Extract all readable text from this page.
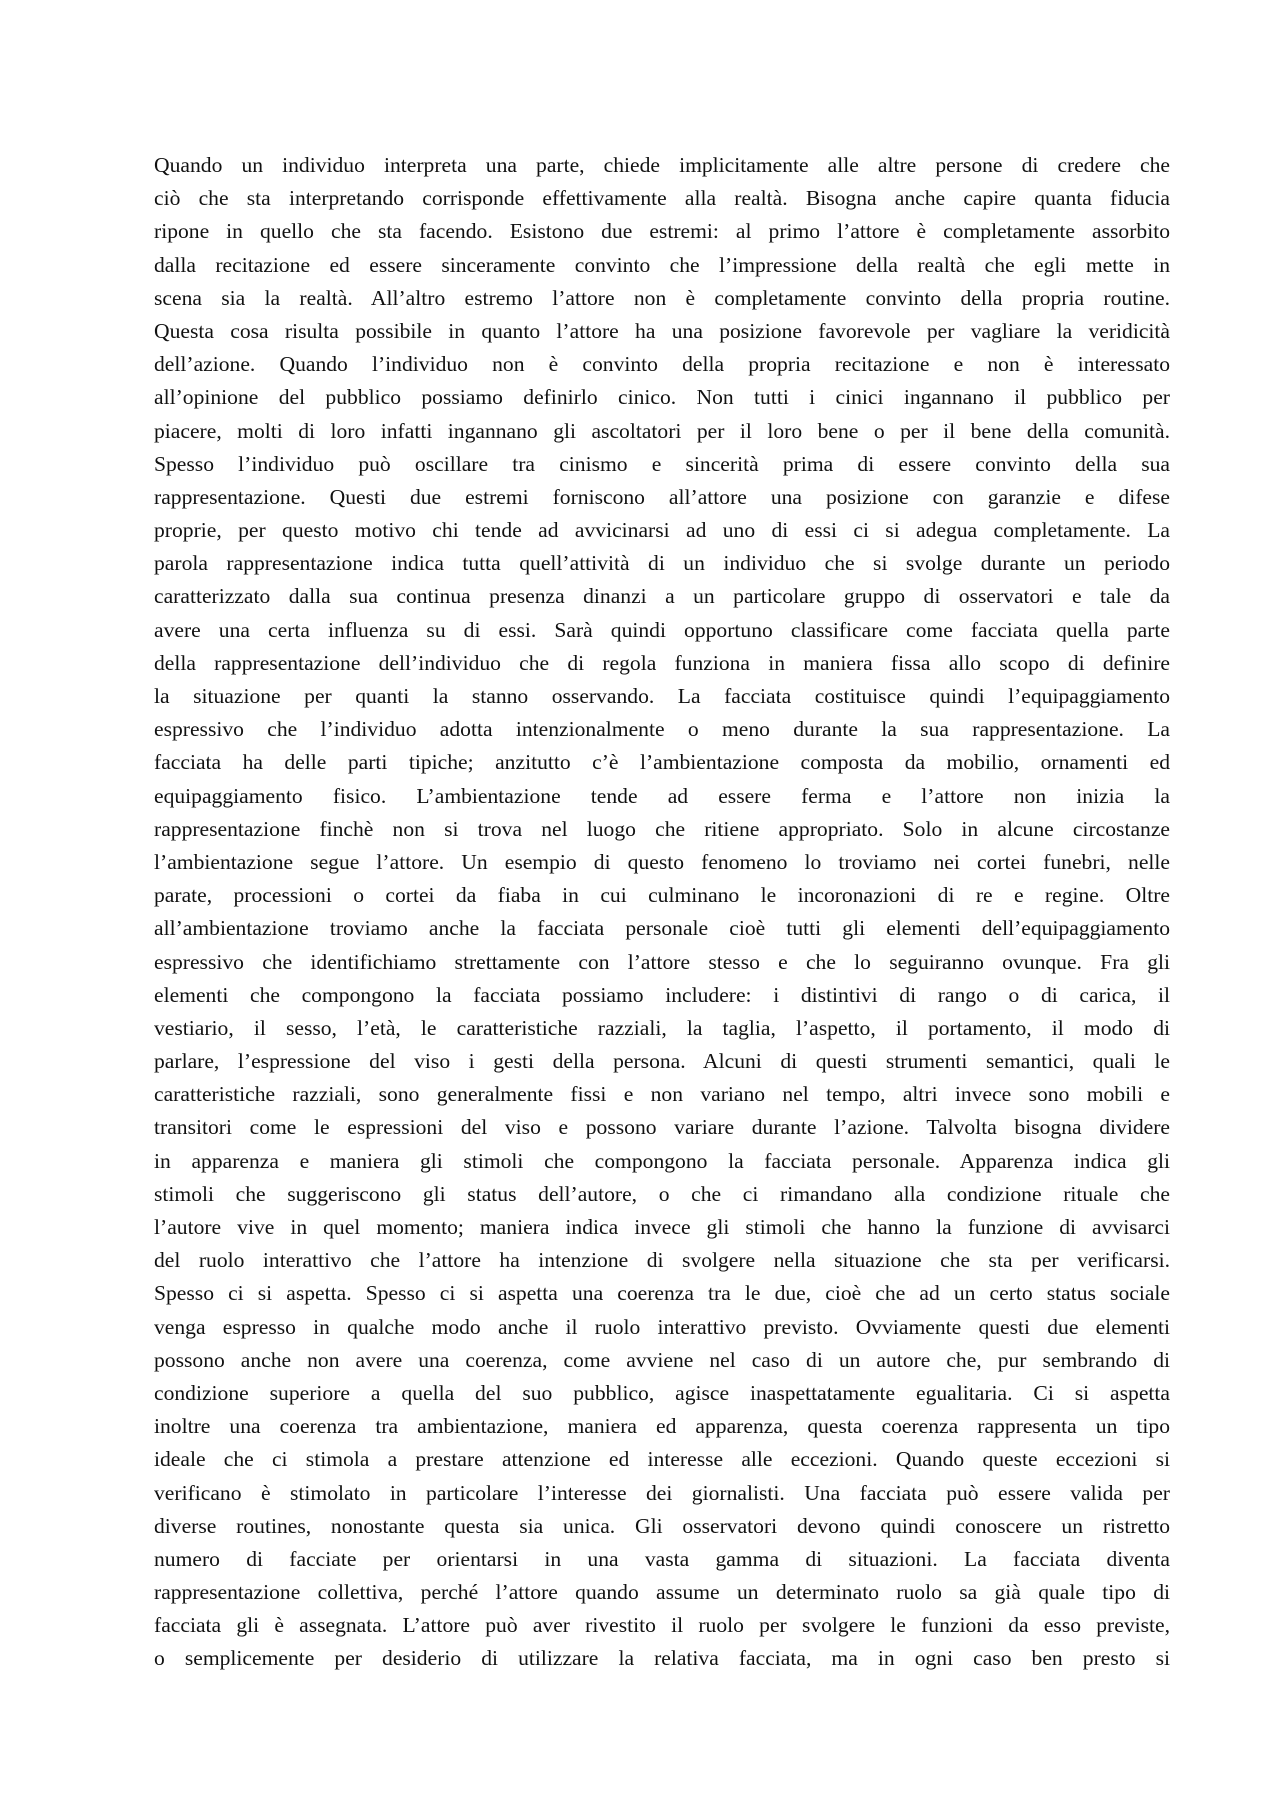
Quando un individuo interpreta una parte, chiede implicitamente alle altre persone di credere che
ciò che sta interpretando corrisponde effettivamente alla realtà. Bisogna anche capire quanta fiducia
ripone in quello che sta facendo. Esistono due estremi: al primo l’attore è completamente assorbito
dalla recitazione ed essere sinceramente convinto che l’impressione della realtà che egli mette in
scena sia la realtà. All’altro estremo l’attore non è completamente convinto della propria routine.
Questa cosa risulta possibile in quanto l’attore ha una posizione favorevole per vagliare la veridicità
dell’azione. Quando l’individuo non è convinto della propria recitazione e non è interessato
all’opinione del pubblico possiamo definirlo cinico. Non tutti i cinici ingannano il pubblico per
piacere, molti di loro infatti ingannano gli ascoltatori per il loro bene o per il bene della comunità.
Spesso l’individuo può oscillare tra cinismo e sincerità prima di essere convinto della sua
rappresentazione. Questi due estremi forniscono all’attore una posizione con garanzie e difese
proprie, per questo motivo chi tende ad avvicinarsi ad uno di essi ci si adegua completamente. La
parola rappresentazione indica tutta quell’attività di un individuo che si svolge durante un periodo
caratterizzato dalla sua continua presenza dinanzi a un particolare gruppo di osservatori e tale da
avere una certa influenza su di essi. Sarà quindi opportuno classificare come facciata quella parte
della rappresentazione dell’individuo che di regola funziona in maniera fissa allo scopo di definire
la situazione per quanti la stanno osservando. La facciata costituisce quindi l’equipaggiamento
espressivo che l’individuo adotta intenzionalmente o meno durante la sua rappresentazione. La
facciata ha delle parti tipiche; anzitutto c’è l’ambientazione composta da mobilio, ornamenti ed
equipaggiamento fisico. L’ambientazione tende ad essere ferma e l’attore non inizia la
rappresentazione finchè non si trova nel luogo che ritiene appropriato. Solo in alcune circostanze
l’ambientazione segue l’attore. Un esempio di questo fenomeno lo troviamo nei cortei funebri, nelle
parate, processioni o cortei da fiaba in cui culminano le incoronazioni di re e regine. Oltre
all’ambientazione troviamo anche la facciata personale cioè tutti gli elementi dell’equipaggiamento
espressivo che identifichiamo strettamente con l’attore stesso e che lo seguiranno ovunque. Fra gli
elementi che compongono la facciata possiamo includere: i distintivi di rango o di carica, il
vestiario, il sesso, l’età, le caratteristiche razziali, la taglia, l’aspetto, il portamento, il modo di
parlare, l’espressione del viso i gesti della persona. Alcuni di questi strumenti semantici, quali le
caratteristiche razziali, sono generalmente fissi e non variano nel tempo, altri invece sono mobili e
transitori come le espressioni del viso e possono variare durante l’azione. Talvolta bisogna dividere
in apparenza e maniera gli stimoli che compongono la facciata personale. Apparenza indica gli
stimoli che suggeriscono gli status dell’autore, o che ci rimandano alla condizione rituale che
l’autore vive in quel momento; maniera indica invece gli stimoli che hanno la funzione di avvisarci
del ruolo interattivo che l’attore ha intenzione di svolgere nella situazione che sta per verificarsi.
Spesso ci si aspetta. Spesso ci si aspetta una coerenza tra le due, cioè che ad un certo status sociale
venga espresso in qualche modo anche il ruolo interattivo previsto. Ovviamente questi due elementi
possono anche non avere una coerenza, come avviene nel caso di un autore che, pur sembrando di
condizione superiore a quella del suo pubblico, agisce inaspettatamente egualitaria. Ci si aspetta
inoltre una coerenza tra ambientazione, maniera ed apparenza, questa coerenza rappresenta un tipo
ideale che ci stimola a prestare attenzione ed interesse alle eccezioni. Quando queste eccezioni si
verificano è stimolato in particolare l’interesse dei giornalisti. Una facciata può essere valida per
diverse routines, nonostante questa sia unica. Gli osservatori devono quindi conoscere un ristretto
numero di facciate per orientarsi in una vasta gamma di situazioni. La facciata diventa
rappresentazione collettiva, perché l’attore quando assume un determinato ruolo sa già quale tipo di
facciata gli è assegnata. L’attore può aver rivestito il ruolo per svolgere le funzioni da esso previste,
o semplicemente per desiderio di utilizzare la relativa facciata, ma in ogni caso ben presto si
